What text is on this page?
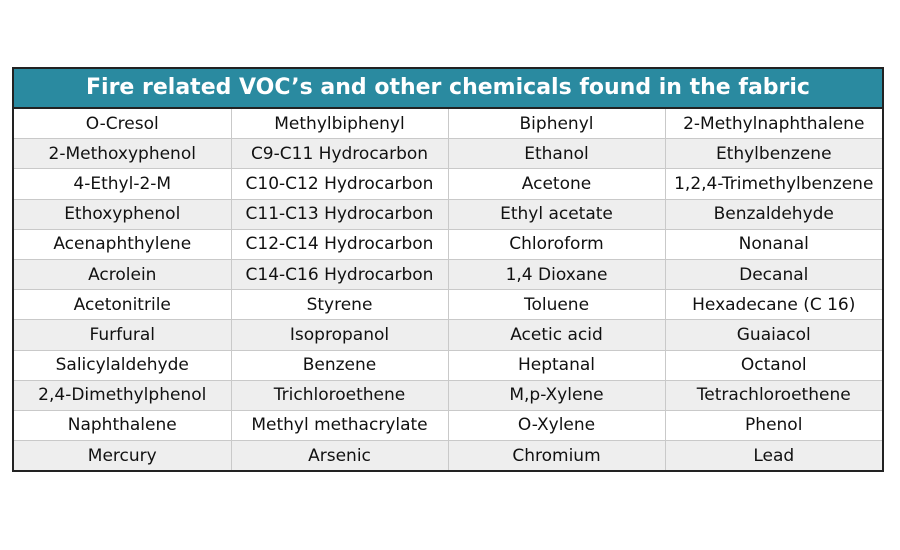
Fire related VOC’s and other chemicals found in the fabric
O-Cresol	Methylbiphenyl	Biphenyl	2-Methylnaphthalene
2-Methoxyphenol	C9-C11 Hydrocarbon	Ethanol	Ethylbenzene
4-Ethyl-2-M	C10-C12 Hydrocarbon	Acetone	1,2,4-Trimethylbenzene
Ethoxyphenol	C11-C13 Hydrocarbon	Ethyl acetate	Benzaldehyde
Acenaphthylene	C12-C14 Hydrocarbon	Chloroform	Nonanal
Acrolein	C14-C16 Hydrocarbon	1,4 Dioxane	Decanal
Acetonitrile	Styrene	Toluene	Hexadecane (C 16)
Furfural	Isopropanol	Acetic acid	Guaiacol
Salicylaldehyde	Benzene	Heptanal	Octanol
2,4-Dimethylphenol	Trichloroethene	M,p-Xylene	Tetrachloroethene
Naphthalene	Methyl methacrylate	O-Xylene	Phenol
Mercury	Arsenic	Chromium	Lead
